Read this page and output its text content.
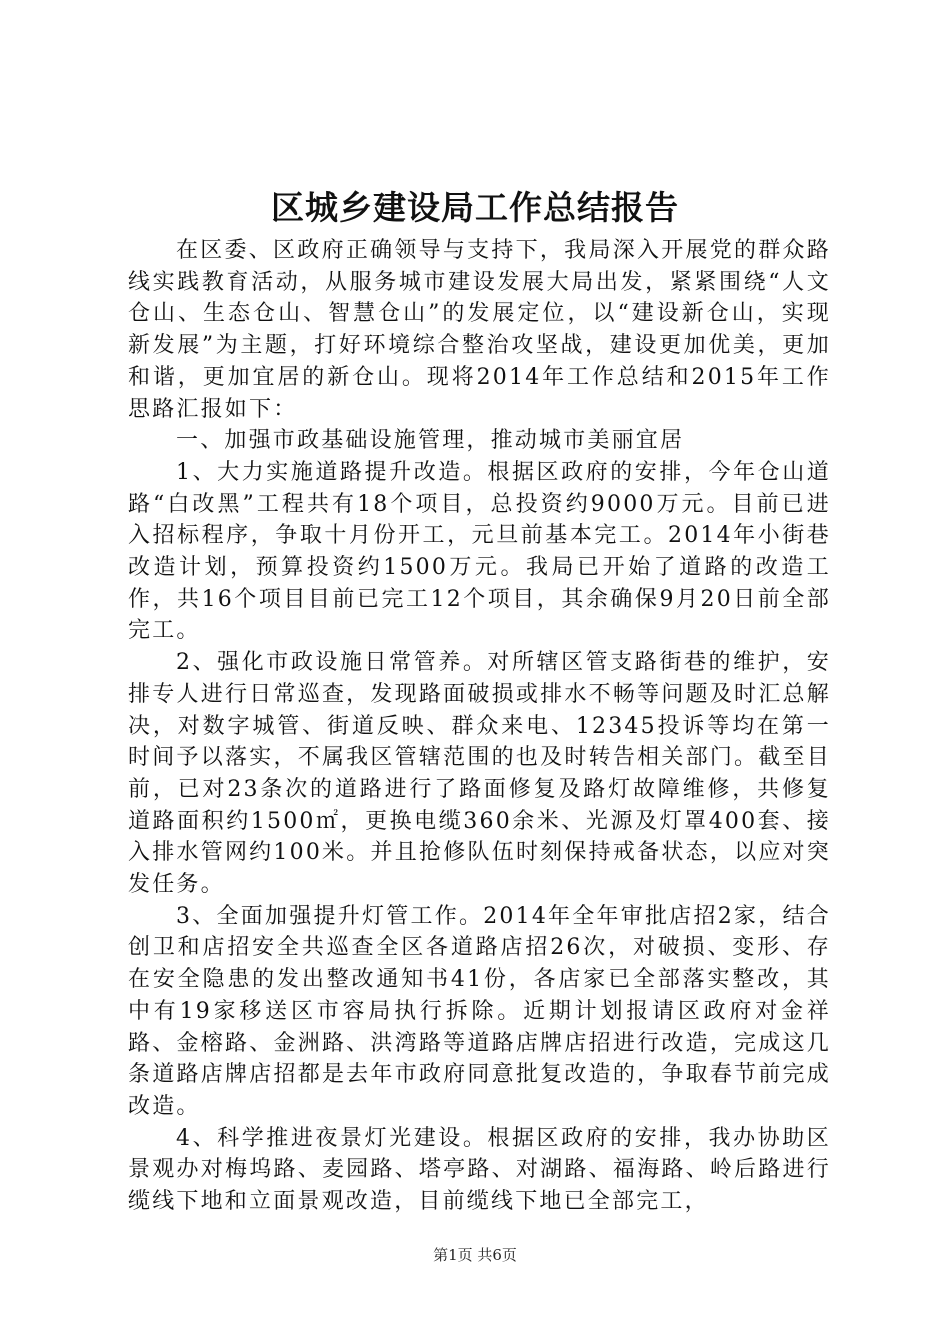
区城乡建设局工作总结报告

在区委、区政府正确领导与支持下，我局深入开展党的群众路线实践教育活动，从服务城市建设发展大局出发，紧紧围绕“人文仓山、生态仓山、智慧仓山”的发展定位，以“建设新仓山，实现新发展”为主题，打好环境综合整治攻坚战，建设更加优美，更加和谐，更加宜居的新仓山。现将2014年工作总结和2015年工作思路汇报如下：

一、加强市政基础设施管理，推动城市美丽宜居

1、大力实施道路提升改造。根据区政府的安排，今年仓山道路“白改黑”工程共有18个项目，总投资约9000万元。目前已进入招标程序，争取十月份开工，元旦前基本完工。2014年小街巷改造计划，预算投资约1500万元。我局已开始了道路的改造工作，共16个项目目前已完工12个项目，其余确保9月20日前全部完工。

2、强化市政设施日常管养。对所辖区管支路街巷的维护，安排专人进行日常巡查，发现路面破损或排水不畅等问题及时汇总解决，对数字城管、街道反映、群众来电、12345投诉等均在第一时间予以落实，不属我区管辖范围的也及时转告相关部门。截至目前，已对23条次的道路进行了路面修复及路灯故障维修，共修复道路面积约1500㎡，更换电缆360余米、光源及灯罩400套、接入排水管网约100米。并且抢修队伍时刻保持戒备状态，以应对突发任务。

3、全面加强提升灯管工作。2014年全年审批店招2家，结合创卫和店招安全共巡查全区各道路店招26次，对破损、变形、存在安全隐患的发出整改通知书41份，各店家已全部落实整改，其中有19家移送区市容局执行拆除。近期计划报请区政府对金祥路、金榕路、金洲路、洪湾路等道路店牌店招进行改造，完成这几条道路店牌店招都是去年市政府同意批复改造的，争取春节前完成改造。

4、科学推进夜景灯光建设。根据区政府的安排，我办协助区景观办对梅坞路、麦园路、塔亭路、对湖路、福海路、岭后路进行缆线下地和立面景观改造，目前缆线下地已全部完工，

第1页 共6页
